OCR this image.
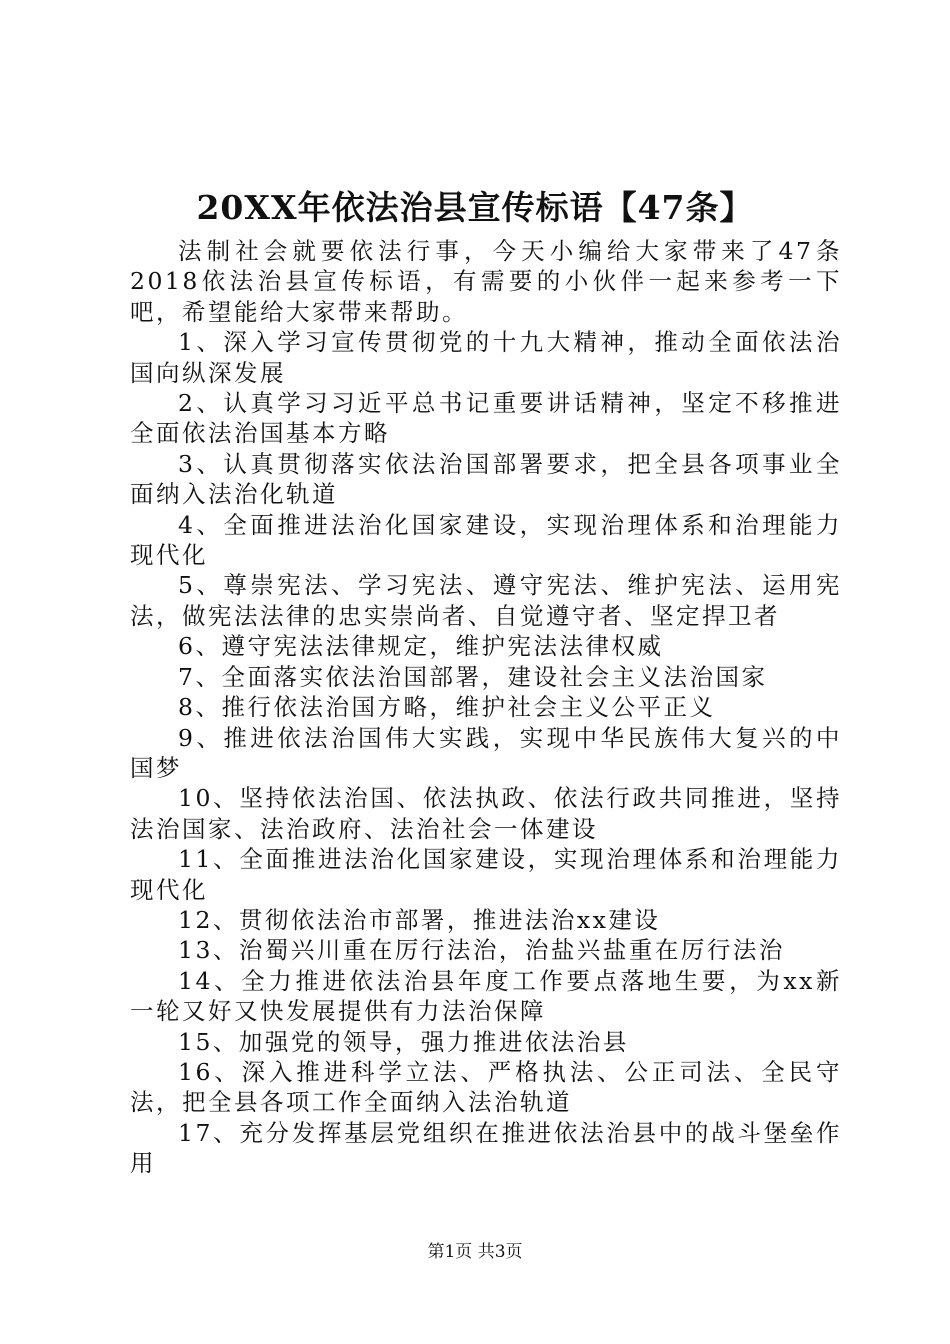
20XX年依法治县宣传标语【47条】

法制社会就要依法行事，今天小编给大家带来了47条2018依法治县宣传标语，有需要的小伙伴一起来参考一下吧，希望能给大家带来帮助。

1、深入学习宣传贯彻党的十九大精神，推动全面依法治国向纵深发展

2、认真学习习近平总书记重要讲话精神，坚定不移推进全面依法治国基本方略

3、认真贯彻落实依法治国部署要求，把全县各项事业全面纳入法治化轨道

4、全面推进法治化国家建设，实现治理体系和治理能力现代化

5、尊崇宪法、学习宪法、遵守宪法、维护宪法、运用宪法，做宪法法律的忠实崇尚者、自觉遵守者、坚定捍卫者

6、遵守宪法法律规定，维护宪法法律权威

7、全面落实依法治国部署，建设社会主义法治国家

8、推行依法治国方略，维护社会主义公平正义

9、推进依法治国伟大实践，实现中华民族伟大复兴的中国梦

10、坚持依法治国、依法执政、依法行政共同推进，坚持法治国家、法治政府、法治社会一体建设

11、全面推进法治化国家建设，实现治理体系和治理能力现代化

12、贯彻依法治市部署，推进法治xx建设

13、治蜀兴川重在厉行法治，治盐兴盐重在厉行法治

14、全力推进依法治县年度工作要点落地生要，为xx新一轮又好又快发展提供有力法治保障

15、加强党的领导，强力推进依法治县

16、深入推进科学立法、严格执法、公正司法、全民守法，把全县各项工作全面纳入法治轨道

17、充分发挥基层党组织在推进依法治县中的战斗堡垒作用

第1页 共3页
